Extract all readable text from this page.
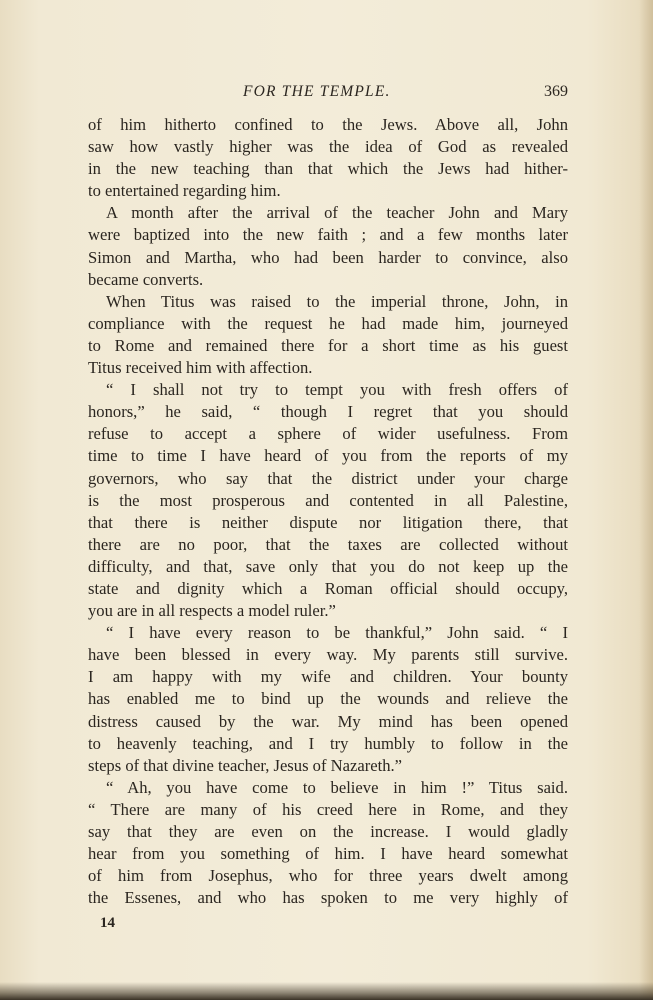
FOR THE TEMPLE.	369
of him hitherto confined to the Jews. Above all, John
saw how vastly higher was the idea of God as revealed
in the new teaching than that which the Jews had hither-
to entertained regarding him.
A month after the arrival of the teacher John and Mary
were baptized into the new faith ; and a few months later
Simon and Martha, who had been harder to convince, also
became converts.
When Titus was raised to the imperial throne, John, in
compliance with the request he had made him, journeyed
to Rome and remained there for a short time as his guest
Titus received him with affection.
“ I shall not try to tempt you with fresh offers of
honors,” he said, “ though I regret that you should
refuse to accept a sphere of wider usefulness. From
time to time I have heard of you from the reports of my
governors, who say that the district under your charge
is the most prosperous and contented in all Palestine,
that there is neither dispute nor litigation there, that
there are no poor, that the taxes are collected without
difficulty, and that, save only that you do not keep up the
state and dignity which a Roman official should occupy,
you are in all respects a model ruler.”
“ I have every reason to be thankful,” John said. “ I
have been blessed in every way. My parents still survive.
I am happy with my wife and children. Your bounty
has enabled me to bind up the wounds and relieve the
distress caused by the war. My mind has been opened
to heavenly teaching, and I try humbly to follow in the
steps of that divine teacher, Jesus of Nazareth.”
“ Ah, you have come to believe in him !” Titus said.
“ There are many of his creed here in Rome, and they
say that they are even on the increase. I would gladly
hear from you something of him. I have heard somewhat
of him from Josephus, who for three years dwelt among
the Essenes, and who has spoken to me very highly of
14
